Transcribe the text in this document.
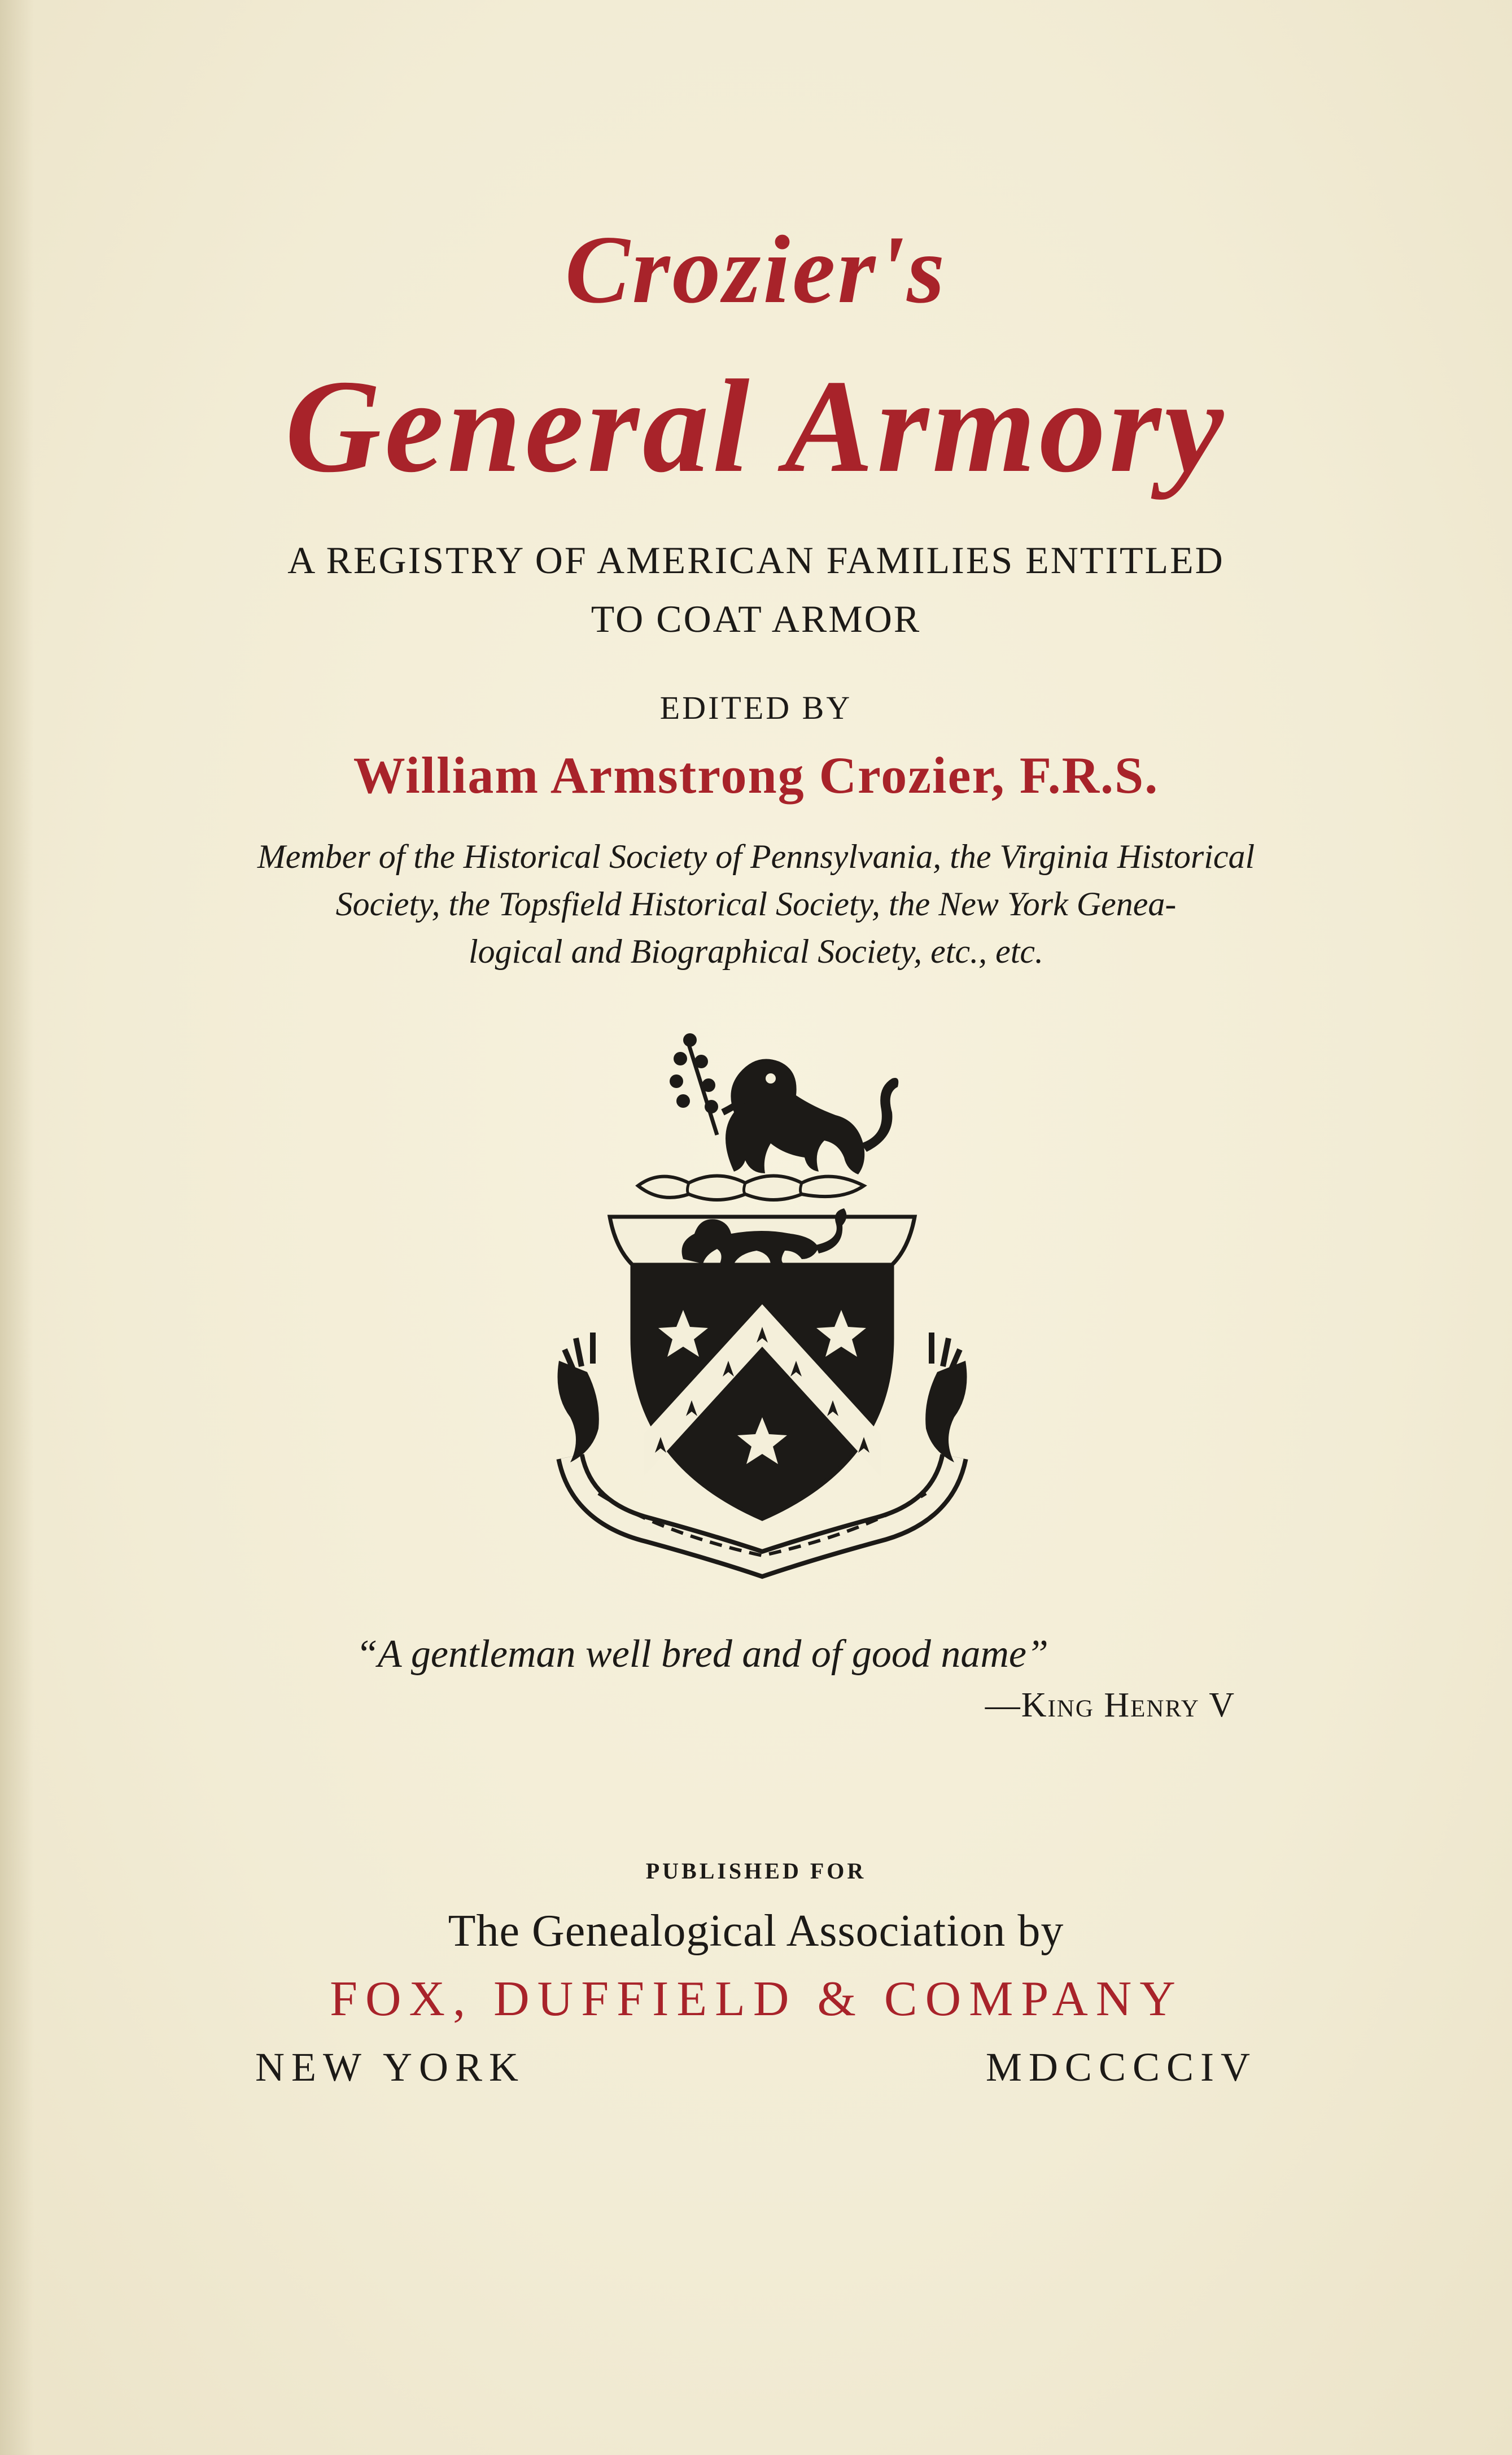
Crozier's
General Armory
A REGISTRY OF AMERICAN FAMILIES ENTITLED
TO COAT ARMOR
EDITED BY
William Armstrong Crozier, F.R.S.
Member of the Historical Society of Pennsylvania, the Virginia Historical
Society, the Topsfield Historical Society, the New York Genea-
logical and Biographical Society, etc., etc.
“A gentleman well bred and of good name”
—King Henry V
PUBLISHED FOR
The Genealogical Association by
FOX, DUFFIELD & COMPANY
NEW YORK	MDCCCCIV
